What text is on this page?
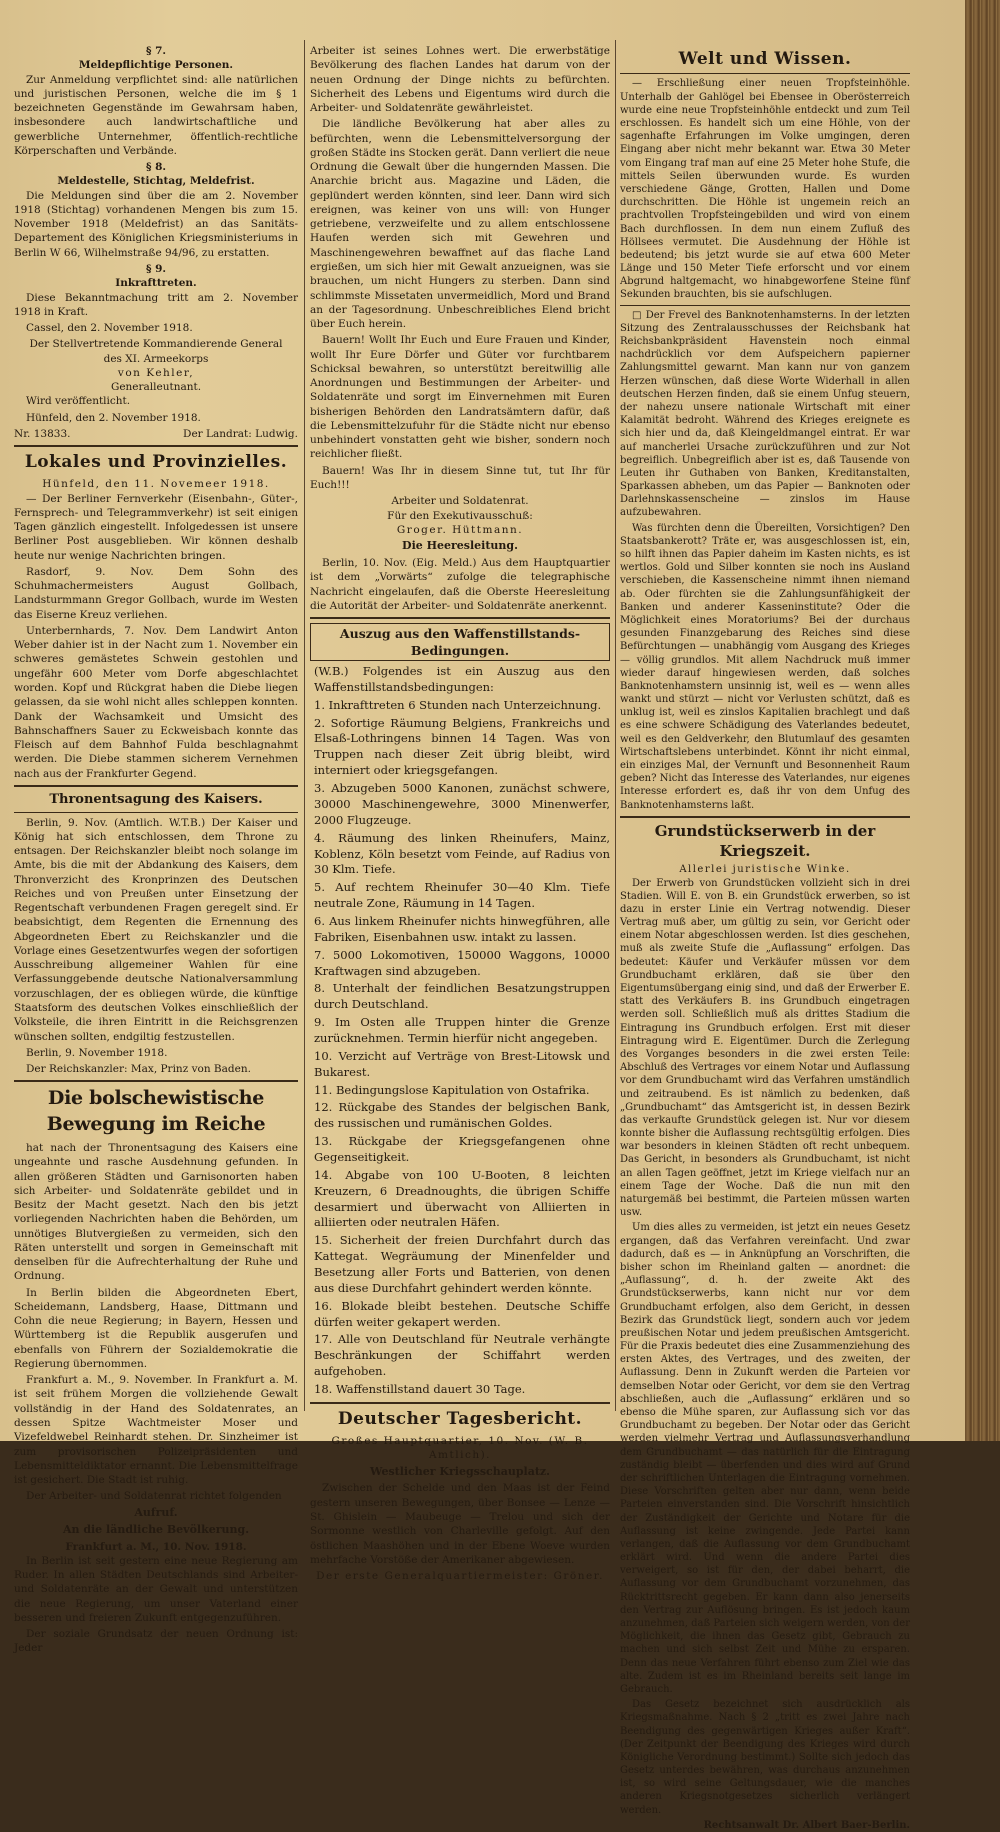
§ 7.
Meldepflichtige Personen.

Zur Anmeldung verpflichtet sind: alle natürlichen und juristischen Personen, welche die im § 1 bezeichneten Gegenstände im Gewahrsam haben, insbesondere auch landwirtschaftliche und gewerbliche Unternehmer, öffentlich-rechtliche Körperschaften und Verbände.

§ 8.
Meldestelle, Stichtag, Meldefrist.

Die Meldungen sind über die am 2. November 1918 (Stichtag) vorhandenen Mengen bis zum 15. November 1918 (Meldefrist) an das Sanitäts-Departement des Königlichen Kriegsministeriums in Berlin W 66, Wilhelmstraße 94/96, zu erstatten.

§ 9.
Inkrafttreten.

Diese Bekanntmachung tritt am 2. November 1918 in Kraft.

Cassel, den 2. November 1918.

Der Stellvertretende Kommandierende General
des XI. Armeekorps
von Kehler,
Generalleutnant.

Wird veröffentlicht.

Hünfeld, den 2. November 1918.

Nr. 13833.	Der Landrat: Ludwig.
Lokales und Provinzielles.
Hünfeld, den 11. Novemeer 1918.

— Der Berliner Fernverkehr (Eisenbahn-, Güter-, Fernsprech- und Telegrammverkehr) ist seit einigen Tagen gänzlich eingestellt. Infolgedessen ist unsere Berliner Post ausgeblieben. Wir können deshalb heute nur wenige Nachrichten bringen.

Rasdorf, 9. Nov. Dem Sohn des Schuhmachermeisters August Gollbach, Landsturmmann Gregor Gollbach, wurde im Westen das Eiserne Kreuz verliehen.

Unterbernhards, 7. Nov. Dem Landwirt Anton Weber dahier ist in der Nacht zum 1. November ein schweres gemästetes Schwein gestohlen und ungefähr 600 Meter vom Dorfe abgeschlachtet worden. Kopf und Rückgrat haben die Diebe liegen gelassen, da sie wohl nicht alles schleppen konnten. Dank der Wachsamkeit und Umsicht des Bahnschaffners Sauer zu Eckweisbach konnte das Fleisch auf dem Bahnhof Fulda beschlagnahmt werden. Die Diebe stammen sicherem Vernehmen nach aus der Frankfurter Gegend.

Thronentsagung des Kaisers.

Berlin, 9. Nov. (Amtlich. W.T.B.) Der Kaiser und König hat sich entschlossen, dem Throne zu entsagen. Der Reichskanzler bleibt noch solange im Amte, bis die mit der Abdankung des Kaisers, dem Thronverzicht des Kronprinzen des Deutschen Reiches und von Preußen unter Einsetzung der Regentschaft verbundenen Fragen geregelt sind. Er beabsichtigt, dem Regenten die Ernennung des Abgeordneten Ebert zu Reichskanzler und die Vorlage eines Gesetzentwurfes wegen der sofortigen Ausschreibung allgemeiner Wahlen für eine Verfassunggebende deutsche Nationalversammlung vorzuschlagen, der es obliegen würde, die künftige Staatsform des deutschen Volkes einschließlich der Volksteile, die ihren Eintritt in die Reichsgrenzen wünschen sollten, endgiltig festzustellen.

Berlin, 9. November 1918.

Der Reichskanzler: Max, Prinz von Baden.

Die bolschewistische Bewegung im Reiche

hat nach der Thronentsagung des Kaisers eine ungeahnte und rasche Ausdehnung gefunden. In allen größeren Städten und Garnisonorten haben sich Arbeiter- und Soldatenräte gebildet und in Besitz der Macht gesetzt. Nach den bis jetzt vorliegenden Nachrichten haben die Behörden, um unnötiges Blutvergießen zu vermeiden, sich den Räten unterstellt und sorgen in Gemeinschaft mit denselben für die Aufrechterhaltung der Ruhe und Ordnung.

In Berlin bilden die Abgeordneten Ebert, Scheidemann, Landsberg, Haase, Dittmann und Cohn die neue Regierung; in Bayern, Hessen und Württemberg ist die Republik ausgerufen und ebenfalls von Führern der Sozialdemokratie die Regierung übernommen.

Frankfurt a. M., 9. November. In Frankfurt a. M. ist seit frühem Morgen die vollziehende Gewalt vollständig in der Hand des Soldatenrates, an dessen Spitze Wachtmeister Moser und Vizefeldwebel Reinhardt stehen. Dr. Sinzheimer ist zum provisorischen Polizeipräsidenten und Lebensmitteldiktator ernannt. Die Lebensmittelfrage ist gesichert. Die Stadt ist ruhig.

Der Arbeiter- und Soldatenrat richtet folgenden

Aufruf.
An die ländliche Bevölkerung.
Frankfurt a. M., 10. Nov. 1918.

In Berlin ist seit gestern eine neue Regierung am Ruder. In allen Städten Deutschlands sind Arbeiter- und Soldatenräte an der Gewalt und unterstützen die neue Regierung, um unser Vaterland einer besseren und freieren Zukunft entgegenzuführen.

Der soziale Grundsatz der neuen Ordnung ist: Jeder

Arbeiter ist seines Lohnes wert. Die erwerbstätige Bevölkerung des flachen Landes hat darum von der neuen Ordnung der Dinge nichts zu befürchten. Sicherheit des Lebens und Eigentums wird durch die Arbeiter- und Soldatenräte gewährleistet.

Die ländliche Bevölkerung hat aber alles zu befürchten, wenn die Lebensmittelversorgung der großen Städte ins Stocken gerät. Dann verliert die neue Ordnung die Gewalt über die hungernden Massen. Die Anarchie bricht aus. Magazine und Läden, die geplündert werden könnten, sind leer. Dann wird sich ereignen, was keiner von uns will: von Hunger getriebene, verzweifelte und zu allem entschlossene Haufen werden sich mit Gewehren und Maschinengewehren bewaffnet auf das flache Land ergießen, um sich hier mit Gewalt anzueignen, was sie brauchen, um nicht Hungers zu sterben. Dann sind schlimmste Missetaten unvermeidlich, Mord und Brand an der Tagesordnung. Unbeschreibliches Elend bricht über Euch herein.

Bauern! Wollt Ihr Euch und Eure Frauen und Kinder, wollt Ihr Eure Dörfer und Güter vor furchtbarem Schicksal bewahren, so unterstützt bereitwillig alle Anordnungen und Bestimmungen der Arbeiter- und Soldatenräte und sorgt im Einvernehmen mit Euren bisherigen Behörden den Landratsämtern dafür, daß die Lebensmittelzufuhr für die Städte nicht nur ebenso unbehindert vonstatten geht wie bisher, sondern noch reichlicher fließt.

Bauern! Was Ihr in diesem Sinne tut, tut Ihr für Euch!!!

Arbeiter und Soldatenrat.
Für den Exekutivausschuß:
Groger. Hüttmann.
Die Heeresleitung.

Berlin, 10. Nov. (Eig. Meld.) Aus dem Hauptquartier ist dem „Vorwärts“ zufolge die telegraphische Nachricht eingelaufen, daß die Oberste Heeresleitung die Autorität der Arbeiter- und Soldatenräte anerkennt.

Auszug aus den Waffenstillstands-Bedingungen.

(W.B.) Folgendes ist ein Auszug aus den Waffenstillstandsbedingungen:

1. Inkrafttreten 6 Stunden nach Unterzeichnung.

2. Sofortige Räumung Belgiens, Frankreichs und Elsaß-Lothringens binnen 14 Tagen. Was von Truppen nach dieser Zeit übrig bleibt, wird interniert oder kriegsgefangen.

3. Abzugeben 5000 Kanonen, zunächst schwere, 30000 Maschinengewehre, 3000 Minenwerfer, 2000 Flugzeuge.

4. Räumung des linken Rheinufers, Mainz, Koblenz, Köln besetzt vom Feinde, auf Radius von 30 Klm. Tiefe.

5. Auf rechtem Rheinufer 30—40 Klm. Tiefe neutrale Zone, Räumung in 14 Tagen.

6. Aus linkem Rheinufer nichts hinwegführen, alle Fabriken, Eisenbahnen usw. intakt zu lassen.

7. 5000 Lokomotiven, 150000 Waggons, 10000 Kraftwagen sind abzugeben.

8. Unterhalt der feindlichen Besatzungstruppen durch Deutschland.

9. Im Osten alle Truppen hinter die Grenze zurücknehmen. Termin hierfür nicht angegeben.

10. Verzicht auf Verträge von Brest-Litowsk und Bukarest.

11. Bedingungslose Kapitulation von Ostafrika.

12. Rückgabe des Standes der belgischen Bank, des russischen und rumänischen Goldes.

13. Rückgabe der Kriegsgefangenen ohne Gegenseitigkeit.

14. Abgabe von 100 U-Booten, 8 leichten Kreuzern, 6 Dreadnoughts, die übrigen Schiffe desarmiert und überwacht von Alliierten in alliierten oder neutralen Häfen.

15. Sicherheit der freien Durchfahrt durch das Kattegat. Wegräumung der Minenfelder und Besetzung aller Forts und Batterien, von denen aus diese Durchfahrt gehindert werden könnte.

16. Blokade bleibt bestehen. Deutsche Schiffe dürfen weiter gekapert werden.

17. Alle von Deutschland für Neutrale verhängte Beschränkungen der Schiffahrt werden aufgehoben.

18. Waffenstillstand dauert 30 Tage.

Deutscher Tagesbericht.
Großes Hauptquartier, 10. Nov. (W. B. Amtlich).
Westlicher Kriegsschauplatz.

Zwischen der Schelde und den Maas ist der Feind gestern unseren Bewegungen, über Bonsee — Lenze — St. Ghislein — Maubeuge — Trelou und sich der Sormonne westlich von Charleville gefolgt. Auf den östlichen Maashöhen und in der Ebene Woeve wurden mehrfache Vorstöße der Amerikaner abgewiesen.

Der erste Generalquartiermeister: Gröner.
Welt und Wissen.

— Erschließung einer neuen Tropfsteinhöhle. Unterhalb der Gahlögel bei Ebensee in Oberösterreich wurde eine neue Tropfsteinhöhle entdeckt und zum Teil erschlossen. Es handelt sich um eine Höhle, von der sagenhafte Erfahrungen im Volke umgingen, deren Eingang aber nicht mehr bekannt war. Etwa 30 Meter vom Eingang traf man auf eine 25 Meter hohe Stufe, die mittels Seilen überwunden wurde. Es wurden verschiedene Gänge, Grotten, Hallen und Dome durchschritten. Die Höhle ist ungemein reich an prachtvollen Tropfsteingebilden und wird von einem Bach durchflossen. In dem nun einem Zufluß des Höllsees vermutet. Die Ausdehnung der Höhle ist bedeutend; bis jetzt wurde sie auf etwa 600 Meter Länge und 150 Meter Tiefe erforscht und vor einem Abgrund haltgemacht, wo hinabgeworfene Steine fünf Sekunden brauchten, bis sie aufschlugen.

□ Der Frevel des Banknotenhamsterns. In der letzten Sitzung des Zentralausschusses der Reichsbank hat Reichsbankpräsident Havenstein noch einmal nachdrücklich vor dem Aufspeichern papierner Zahlungsmittel gewarnt. Man kann nur von ganzem Herzen wünschen, daß diese Worte Widerhall in allen deutschen Herzen finden, daß sie einem Unfug steuern, der nahezu unsere nationale Wirtschaft mit einer Kalamität bedroht. Während des Krieges ereignete es sich hier und da, daß Kleingeldmangel eintrat. Er war auf mancherlei Ursache zurückzuführen und zur Not begreiflich. Unbegreiflich aber ist es, daß Tausende von Leuten ihr Guthaben von Banken, Kreditanstalten, Sparkassen abheben, um das Papier — Banknoten oder Darlehnskassenscheine — zinslos im Hause aufzubewahren.

Was fürchten denn die Übereilten, Vorsichtigen? Den Staatsbankerott? Träte er, was ausgeschlossen ist, ein, so hilft ihnen das Papier daheim im Kasten nichts, es ist wertlos. Gold und Silber konnten sie noch ins Ausland verschieben, die Kassenscheine nimmt ihnen niemand ab. Oder fürchten sie die Zahlungsunfähigkeit der Banken und anderer Kasseninstitute? Oder die Möglichkeit eines Moratoriums? Bei der durchaus gesunden Finanzgebarung des Reiches sind diese Befürchtungen — unabhängig vom Ausgang des Krieges — völlig grundlos. Mit allem Nachdruck muß immer wieder darauf hingewiesen werden, daß solches Banknotenhamstern unsinnig ist, weil es — wenn alles wankt und stürzt — nicht vor Verlusten schützt, daß es unklug ist, weil es zinslos Kapitalien brachlegt und daß es eine schwere Schädigung des Vaterlandes bedeutet, weil es den Geldverkehr, den Blutumlauf des gesamten Wirtschaftslebens unterbindet. Könnt ihr nicht einmal, ein einziges Mal, der Vernunft und Besonnenheit Raum geben? Nicht das Interesse des Vaterlandes, nur eigenes Interesse erfordert es, daß ihr von dem Unfug des Banknotenhamsterns laßt.

Grundstückserwerb in der Kriegszeit.
Allerlei juristische Winke.

Der Erwerb von Grundstücken vollzieht sich in drei Stadien. Will E. von B. ein Grundstück erwerben, so ist dazu in erster Linie ein Vertrag notwendig. Dieser Vertrag muß aber, um gültig zu sein, vor Gericht oder einem Notar abgeschlossen werden. Ist dies geschehen, muß als zweite Stufe die „Auflassung“ erfolgen. Das bedeutet: Käufer und Verkäufer müssen vor dem Grundbuchamt erklären, daß sie über den Eigentumsübergang einig sind, und daß der Erwerber E. statt des Verkäufers B. ins Grundbuch eingetragen werden soll. Schließlich muß als drittes Stadium die Eintragung ins Grundbuch erfolgen. Erst mit dieser Eintragung wird E. Eigentümer. Durch die Zerlegung des Vorganges besonders in die zwei ersten Teile: Abschluß des Vertrages vor einem Notar und Auflassung vor dem Grundbuchamt wird das Verfahren umständlich und zeitraubend. Es ist nämlich zu bedenken, daß „Grundbuchamt“ das Amtsgericht ist, in dessen Bezirk das verkaufte Grundstück gelegen ist. Nur vor diesem konnte bisher die Auflassung rechtsgültig erfolgen. Dies war besonders in kleinen Städten oft recht unbequem. Das Gericht, in besonders als Grundbuchamt, ist nicht an allen Tagen geöffnet, jetzt im Kriege vielfach nur an einem Tage der Woche. Daß die nun mit den naturgemäß bei bestimmt, die Parteien müssen warten usw.

Um dies alles zu vermeiden, ist jetzt ein neues Gesetz ergangen, daß das Verfahren vereinfacht. Und zwar dadurch, daß es — in Anknüpfung an Vorschriften, die bisher schon im Rheinland galten — anordnet: die „Auflassung“, d. h. der zweite Akt des Grundstückserwerbs, kann nicht nur vor dem Grundbuchamt erfolgen, also dem Gericht, in dessen Bezirk das Grundstück liegt, sondern auch vor jedem preußischen Notar und jedem preußischen Amtsgericht. Für die Praxis bedeutet dies eine Zusammenziehung des ersten Aktes, des Vertrages, und des zweiten, der Auflassung. Denn in Zukunft werden die Parteien vor demselben Notar oder Gericht, vor dem sie den Vertrag abschließen, auch die „Auflassung“ erklären und so ebenso die Mühe sparen, zur Auflassung sich vor das Grundbuchamt zu begeben. Der Notar oder das Gericht werden vielmehr Vertrag und Auflassungsverhandlung dem Grundbuchamt — das natürlich für die Eintragung zuständig bleibt — überfenden und dies wird auf Grund der schriftlichen Unterlagen die Eintragung vornehmen. Diese Vorschriften gelten aber nur dann, wenn beide Parteien einverstanden sind. Die Vorschrift hinsichtlich der Zuständigkeit der Gerichte und Notare für die Auflassung ist keine zwingende. Jede Partei kann verlangen, daß die Auflassung vor dem Grundbuchamt erklärt wird. Und wenn die andere Partei dies verweigert, so ist für den, der dabei beharrt, die Auflassung vor dem Grundbuchamt vorzunehmen, das Rücktrittsrecht gegeben. Er kann dann also jenerseits den Vertrag zur Auflösung bringen. Es ist jedoch kaum anzunehmen, daß Parteien sich weigern werden, von der Möglichkeit, die ihnen das Gesetz gibt, Gebrauch zu machen und sich selbst Zeit und Mühe zu ersparen. Denn das neue Verfahren führt ebenso zum Ziel wie das alte. Zudem ist es im Rheinland bereits seit lange im Gebrauch.

Das Gesetz bezeichnet sich ausdrücklich als Kriegsmaßnahme. Nach § 2 „tritt es zwei Jahre nach Beendigung des gegenwärtigen Krieges außer Kraft“. (Der Zeitpunkt der Beendigung des Krieges wird durch Königliche Verordnung bestimmt.) Sollte sich jedoch das Gesetz unterdes bewähren, was durchaus anzunehmen ist, so wird seine Geltungsdauer, wie die manches anderen Kriegsnotgesetzes sicherlich verlängert werden.

Rechtsanwalt Dr. Albert Baer-Berlin.
